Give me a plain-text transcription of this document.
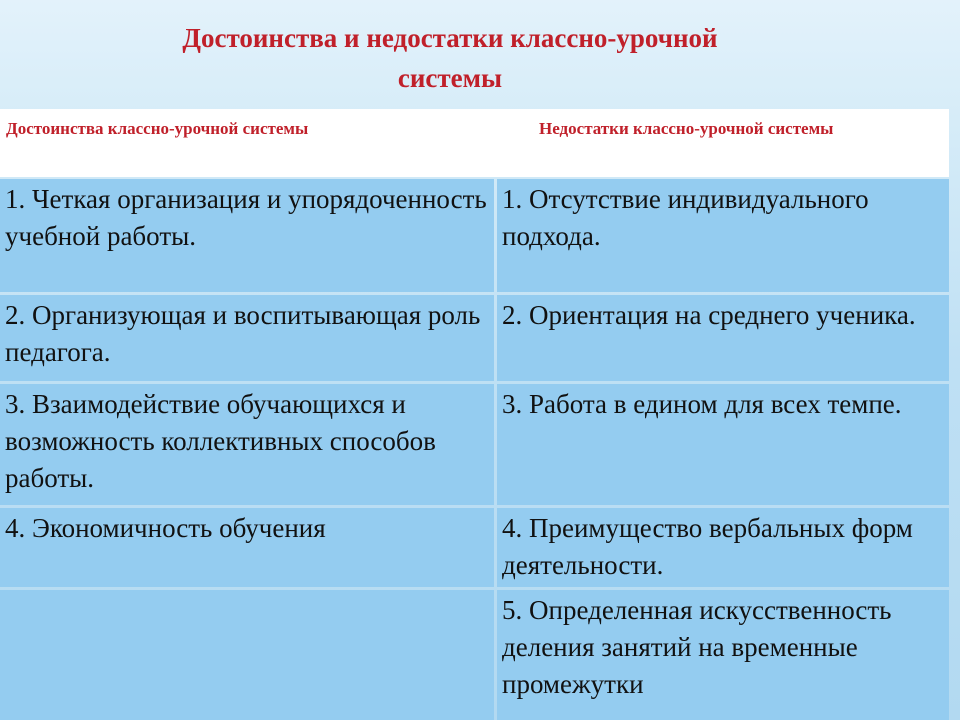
Достоинства и недостатки классно-урочной
системы
Достоинства классно-урочной системы	Недостатки классно-урочной системы
1. Четкая организация и упорядоченность учебной работы.
1. Отсутствие индивидуального подхода.
2. Организующая и воспитывающая роль педагога.
2. Ориентация на среднего ученика.
3. Взаимодействие обучающихся и возможность коллективных способов работы.
3. Работа в едином для всех темпе.
4. Экономичность обучения	4. Преимущество вербальных форм деятельности.
5. Определенная искусственность деления занятий на временные промежутки
